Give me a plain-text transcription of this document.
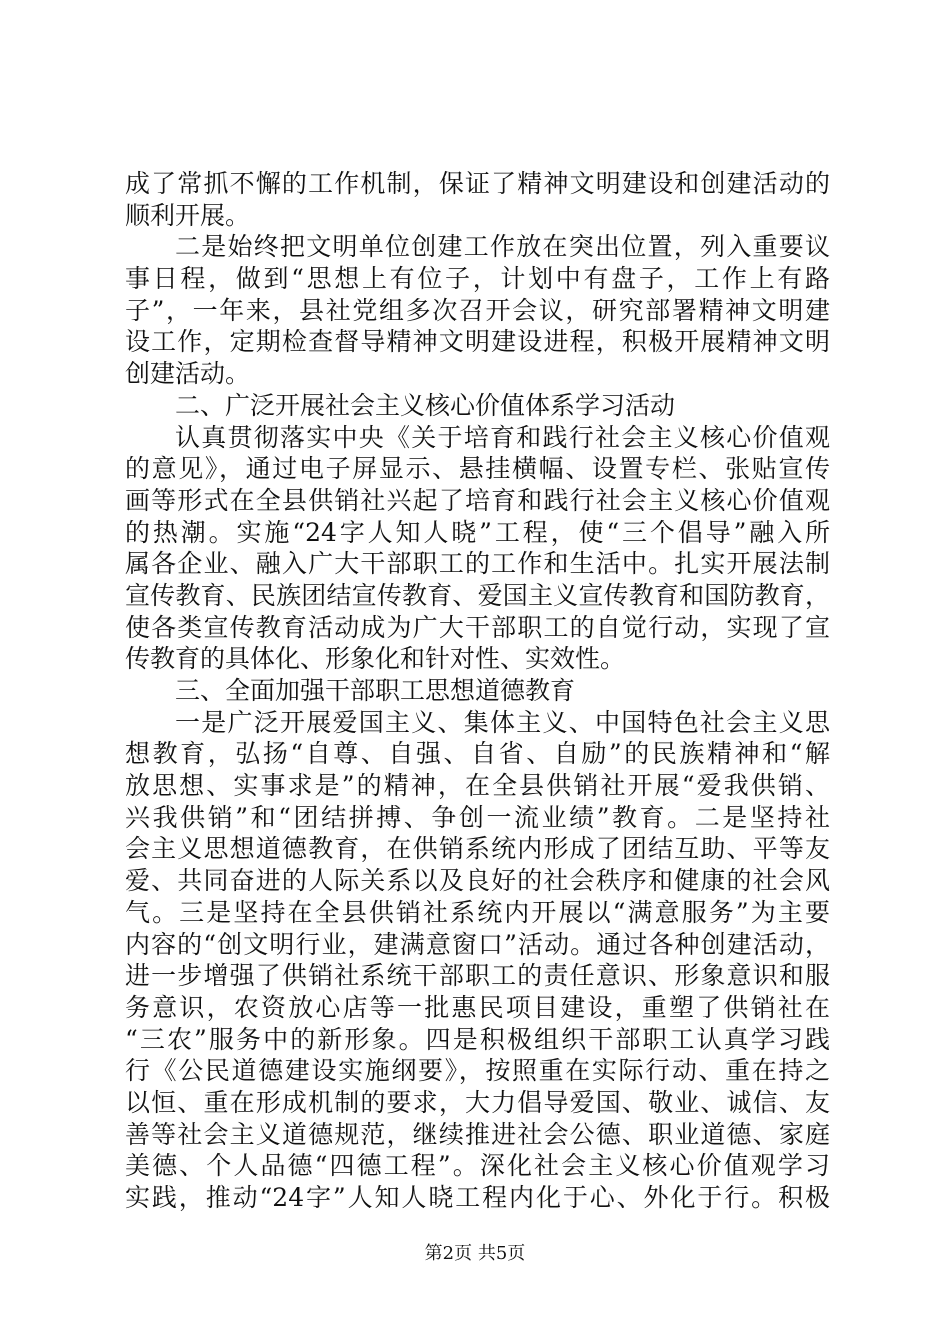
成了常抓不懈的工作机制，保证了精神文明建设和创建活动的
顺利开展。
二是始终把文明单位创建工作放在突出位置，列入重要议
事日程，做到“思想上有位子，计划中有盘子，工作上有路
子”，一年来，县社党组多次召开会议，研究部署精神文明建
设工作，定期检查督导精神文明建设进程，积极开展精神文明
创建活动。
二、广泛开展社会主义核心价值体系学习活动
认真贯彻落实中央《关于培育和践行社会主义核心价值观
的意见》，通过电子屏显示、悬挂横幅、设置专栏、张贴宣传
画等形式在全县供销社兴起了培育和践行社会主义核心价值观
的热潮。实施“24字人知人晓”工程，使“三个倡导”融入所
属各企业、融入广大干部职工的工作和生活中。扎实开展法制
宣传教育、民族团结宣传教育、爱国主义宣传教育和国防教育，
使各类宣传教育活动成为广大干部职工的自觉行动，实现了宣
传教育的具体化、形象化和针对性、实效性。
三、全面加强干部职工思想道德教育
一是广泛开展爱国主义、集体主义、中国特色社会主义思
想教育，弘扬“自尊、自强、自省、自励”的民族精神和“解
放思想、实事求是”的精神，在全县供销社开展“爱我供销、
兴我供销”和“团结拼搏、争创一流业绩”教育。二是坚持社
会主义思想道德教育，在供销系统内形成了团结互助、平等友
爱、共同奋进的人际关系以及良好的社会秩序和健康的社会风
气。三是坚持在全县供销社系统内开展以“满意服务”为主要
内容的“创文明行业，建满意窗口”活动。通过各种创建活动，
进一步增强了供销社系统干部职工的责任意识、形象意识和服
务意识，农资放心店等一批惠民项目建设，重塑了供销社在
“三农”服务中的新形象。四是积极组织干部职工认真学习践
行《公民道德建设实施纲要》，按照重在实际行动、重在持之
以恒、重在形成机制的要求，大力倡导爱国、敬业、诚信、友
善等社会主义道德规范，继续推进社会公德、职业道德、家庭
美德、个人品德“四德工程”。深化社会主义核心价值观学习
实践，推动“24字”人知人晓工程内化于心、外化于行。积极
第2页 共5页
